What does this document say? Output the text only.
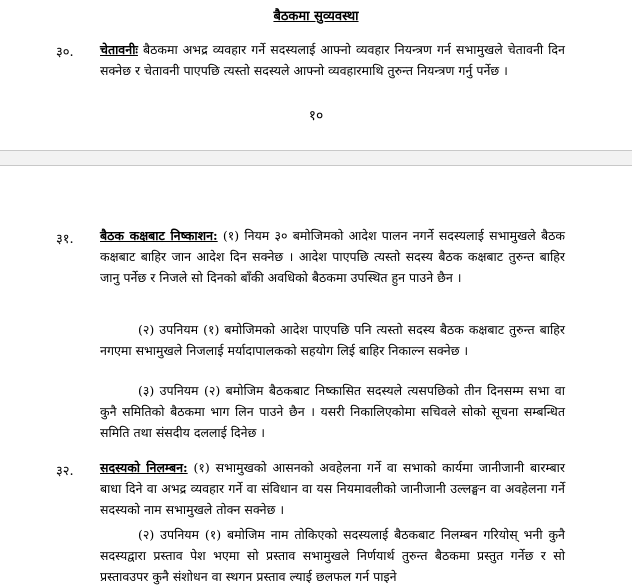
बैठकमा सुव्यवस्था
३०. चेतावनीः बैठकमा अभद्र व्यवहार गर्ने सदस्यलाई आफ्नो व्यवहार नियन्त्रण गर्न सभामुखले चेतावनी दिन सक्नेछ र चेतावनी पाएपछि त्यस्तो सदस्यले आफ्नो व्यवहारमाथि तुरुन्त नियन्त्रण गर्नु पर्नेछ ।
१०
३१. बैठक कक्षबाट निष्काशन: (१) नियम ३० बमोजिमको आदेश पालन नगर्ने सदस्यलाई सभामुखले बैठक कक्षबाट बाहिर जान आदेश दिन सक्नेछ । आदेश पाएपछि त्यस्तो सदस्य बैठक कक्षबाट तुरुन्त बाहिर जानु पर्नेछ र निजले सो दिनको बाँकी अवधिको बैठकमा उपस्थित हुन पाउने छैन ।
(२) उपनियम (१) बमोजिमको आदेश पाएपछि पनि त्यस्तो सदस्य बैठक कक्षबाट तुरुन्त बाहिर नगएमा सभामुखले निजलाई मर्यादापालकको सहयोग लिई बाहिर निकाल्न सक्नेछ ।
(३) उपनियम (२) बमोजिम बैठकबाट निष्कासित सदस्यले त्यसपछिको तीन दिनसम्म सभा वा कुनै समितिको बैठकमा भाग लिन पाउने छैन । यसरी निकालिएकोमा सचिवले सोको सूचना सम्बन्धित समिति तथा संसदीय दललाई दिनेछ ।
३२. सदस्यको निलम्बन: (१) सभामुखको आसनको अवहेलना गर्ने वा सभाको कार्यमा जानीजानी बारम्बार बाधा दिने वा अभद्र व्यवहार गर्ने वा संविधान वा यस नियमावलीको जानीजानी उल्लङ्घन वा अवहेलना गर्ने सदस्यको नाम सभामुखले तोक्न सक्नेछ ।
(२) उपनियम (१) बमोजिम नाम तोकिएको सदस्यलाई बैठकबाट निलम्बन गरियोस् भनी कुनै सदस्यद्वारा प्रस्ताव पेश भएमा सो प्रस्ताव सभामुखले निर्णयार्थ तुरुन्त बैठकमा प्रस्तुत गर्नेछ र सो प्रस्तावउपर कुनै संशोधन वा स्थगन प्रस्ताव ल्याई छलफल गर्न पाइने
